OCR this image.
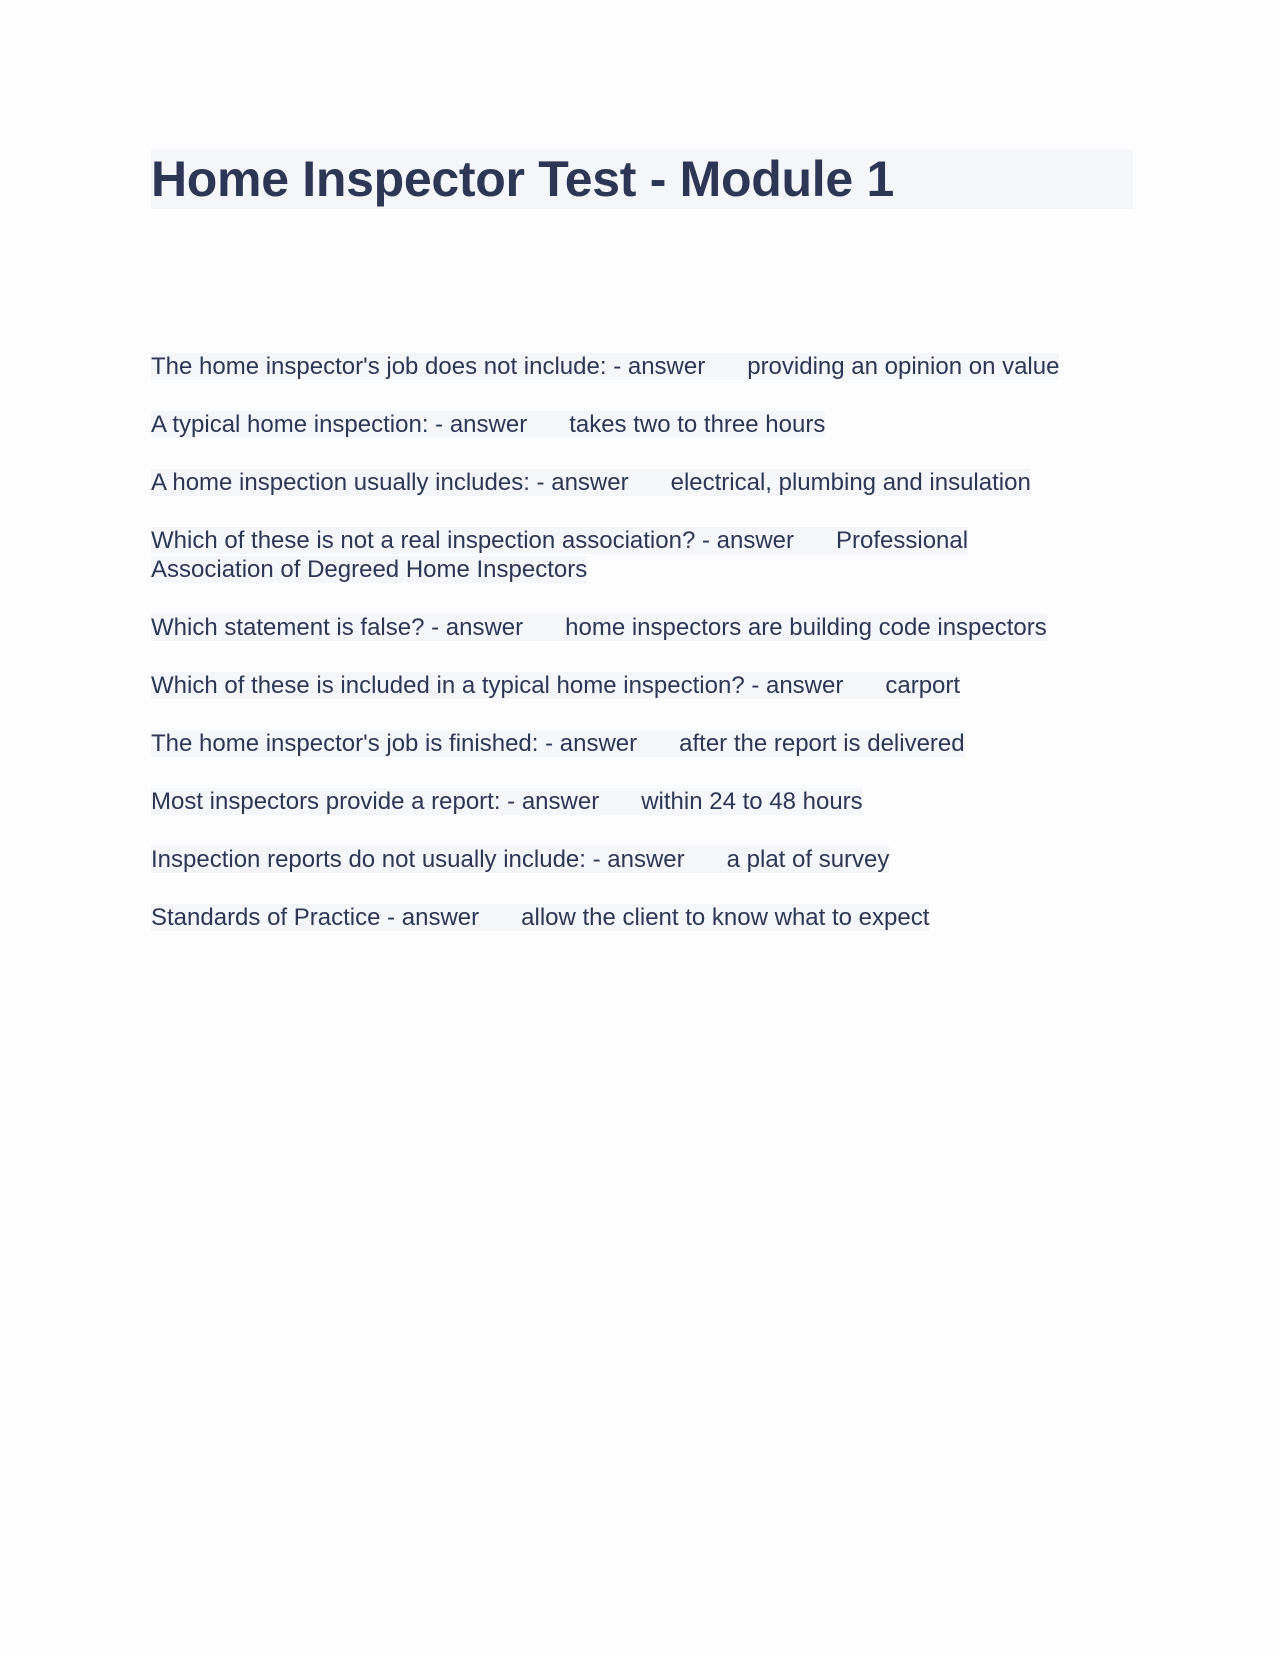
Home Inspector Test - Module 1

The home inspector's job does not include: - answer providing an opinion on value

A typical home inspection: - answer takes two to three hours

A home inspection usually includes: - answer electrical, plumbing and insulation

Which of these is not a real inspection association? - answer Professional Association of Degreed Home Inspectors

Which statement is false? - answer home inspectors are building code inspectors

Which of these is included in a typical home inspection? - answer carport

The home inspector's job is finished: - answer after the report is delivered

Most inspectors provide a report: - answer within 24 to 48 hours

Inspection reports do not usually include: - answer a plat of survey

Standards of Practice - answer allow the client to know what to expect
